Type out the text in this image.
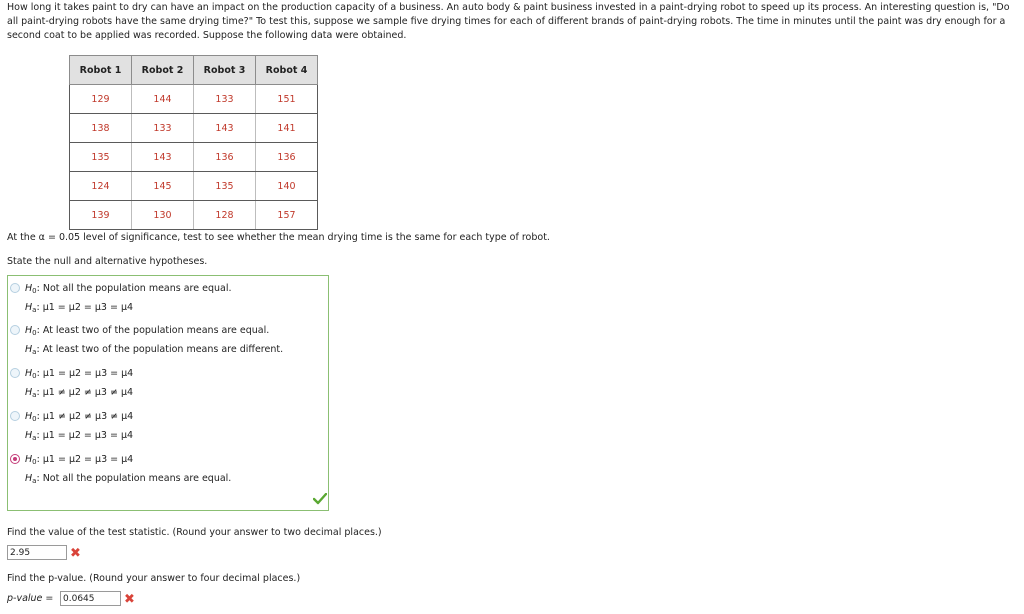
How long it takes paint to dry can have an impact on the production capacity of a business. An auto body & paint business invested in a paint-drying robot to speed up its process. An interesting question is, "Do all paint-drying robots have the same drying time?" To test this, suppose we sample five drying times for each of different brands of paint-drying robots. The time in minutes until the paint was dry enough for a second coat to be applied was recorded. Suppose the following data were obtained.
Robot 1	Robot 2	Robot 3	Robot 4
129	144	133	151
138	133	143	141
135	143	136	136
124	145	135	140
139	130	128	157
At the α = 0.05 level of significance, test to see whether the mean drying time is the same for each type of robot.
State the null and alternative hypotheses.
$H_0$: Not all the population means are equal.
$H_a$: μ1 = μ2 = μ3 = μ4
$H_0$: At least two of the population means are equal.
$H_a$: At least two of the population means are different.
$H_0$: μ1 = μ2 = μ3 = μ4
$H_a$: μ1 ≠ μ2 ≠ μ3 ≠ μ4
$H_0$: μ1 ≠ μ2 ≠ μ3 ≠ μ4
$H_a$: μ1 = μ2 = μ3 = μ4
$H_0$: μ1 = μ2 = μ3 = μ4
$H_a$: Not all the population means are equal.
Find the value of the test statistic. (Round your answer to two decimal places.)
2.95	✖
Find the p-value. (Round your answer to four decimal places.)
p-value =	0.0645	✖
